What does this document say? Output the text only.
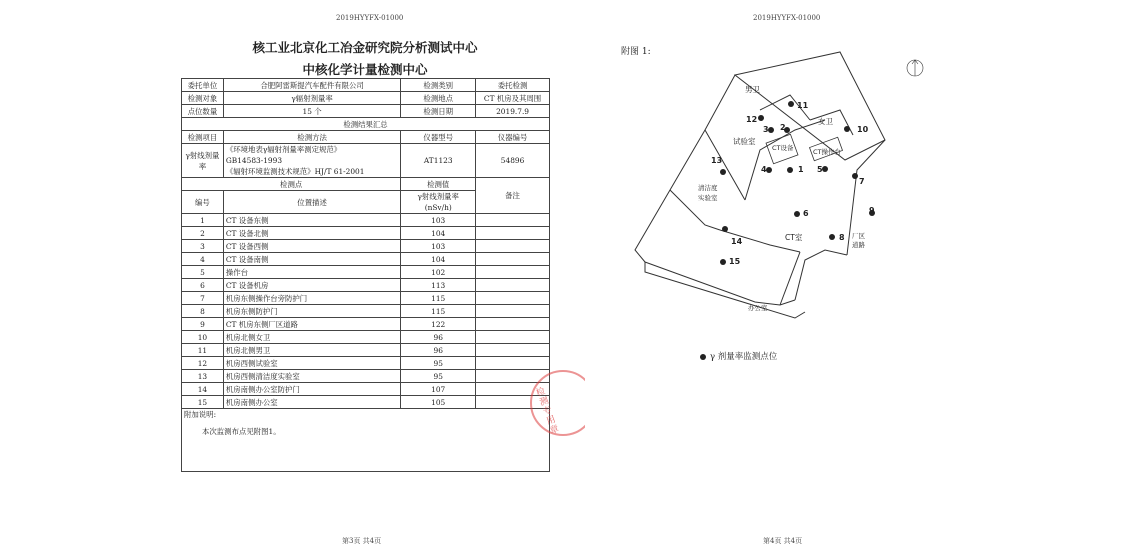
2019HYYFX-01000
核工业北京化工冶金研究院分析测试中心
中核化学计量检测中心
委托单位	合肥阿雷斯提汽车配件有限公司	检测类别	委托检测
检测对象	γ辐射剂量率	检测地点	CT 机房及其周围
点位数量	15 个	检测日期	2019.7.9
检测结果汇总			
检测项目	检测方法	仪器型号	仪器编号
γ射线剂量率	《环境地表γ辐射剂量率测定规范》
GB14583-1993
《辐射环境监测技术规范》HJ/T 61-2001	AT1123	54896
检测点		检测值	备注
编号	位置描述	γ射线剂量率
(nSv/h)	

1	CT 设备东侧	103	
2	CT 设备北侧	104	
3	CT 设备西侧	103	
4	CT 设备南侧	104	
5	操作台	102	
6	CT 设备机房	113	
7	机房东侧操作台旁防护门	115	
8	机房东侧防护门	115	
9	CT 机房东侧厂区道路	122	
10	机房北侧女卫	96	
11	机房北侧男卫	96	
12	机房西侧试验室	95	
13	机房西侧清洁度实验室	95	
14	机房南侧办公室防护门	107	
15	机房南侧办公室	105	

附加说明:
本次监测布点见附图1。				检测专用章
第3页 共4页
2019HYYFX-01000
附图 1:
男卫
女卫
试验室
CT设备	CT操作台
清洁度
实验室
CT室	厂区
道路
办公室
1
2
3
4	5
6
7
8
9
10
11
12
13
14
15
γ 剂量率监测点位
第4页 共4页
